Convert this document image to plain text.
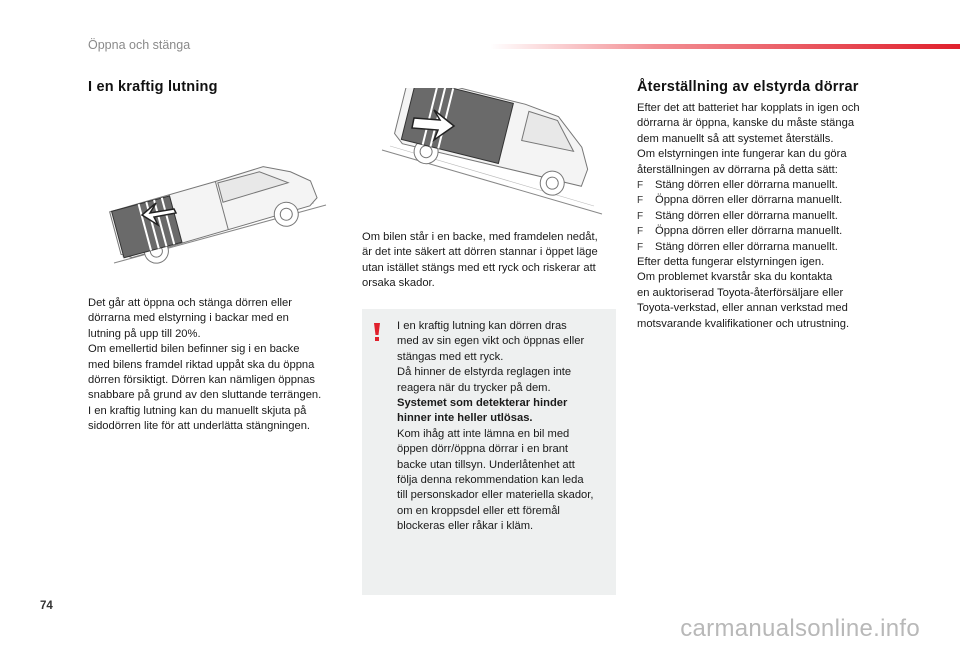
Öppna och stänga
I en kraftig lutning
Det går att öppna och stänga dörren eller
dörrarna med elstyrning i backar med en
lutning på upp till 20%.
Om emellertid bilen befinner sig i en backe
med bilens framdel riktad uppåt ska du öppna
dörren försiktigt. Dörren kan nämligen öppnas
snabbare på grund av den sluttande terrängen.
I en kraftig lutning kan du manuellt skjuta på
sidodörren lite för att underlätta stängningen.
Om bilen står i en backe, med framdelen nedåt,
är det inte säkert att dörren stannar i öppet läge
utan istället stängs med ett ryck och riskerar att
orsaka skador.
I en kraftig lutning kan dörren dras
med av sin egen vikt och öppnas eller
stängas med ett ryck.
Då hinner de elstyrda reglagen inte
reagera när du trycker på dem.
Systemet som detekterar hinder
hinner inte heller utlösas.
Kom ihåg att inte lämna en bil med
öppen dörr/öppna dörrar i en brant
backe utan tillsyn. Underlåtenhet att
följa denna rekommendation kan leda
till personskador eller materiella skador,
om en kroppsdel eller ett föremål
blockeras eller råkar i kläm.
Återställning av elstyrda dörrar
Efter det att batteriet har kopplats in igen och
dörrarna är öppna, kanske du måste stänga
dem manuellt så att systemet återställs.
Om elstyrningen inte fungerar kan du göra
återställningen av dörrarna på detta sätt:
F Stäng dörren eller dörrarna manuellt.
F Öppna dörren eller dörrarna manuellt.
F Stäng dörren eller dörrarna manuellt.
F Öppna dörren eller dörrarna manuellt.
F Stäng dörren eller dörrarna manuellt.
Efter detta fungerar elstyrningen igen.
Om problemet kvarstår ska du kontakta
en auktoriserad Toyota-återförsäljare eller
Toyota-verkstad, eller annan verkstad med
motsvarande kvalifikationer och utrustning.
74
carmanualsonline.info
